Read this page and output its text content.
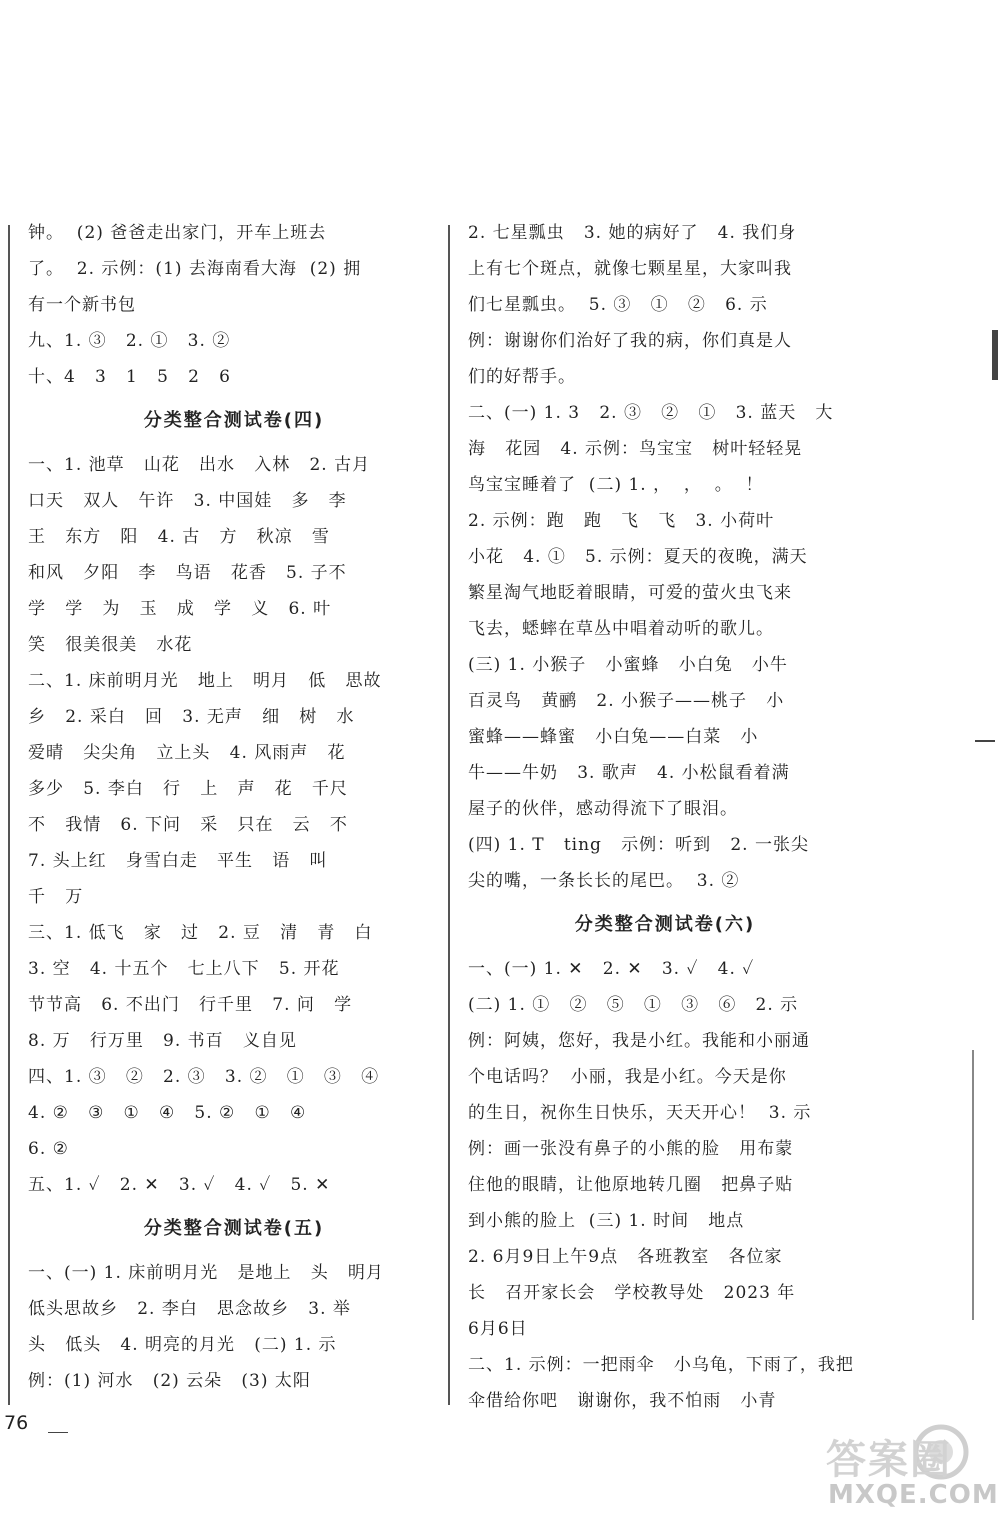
钟。  (2) 爸爸走出家门，开车上班去
了。  2. 示例：(1) 去海南看大海  (2) 拥
有一个新书包
九、1. ③   2. ①   3. ②
十、4   3   1   5   2   6
分类整合测试卷(四)
一、1. 池草   山花   出水   入林   2. 古月
口天   双人   午许   3. 中国娃   多   李
王   东方   阳   4. 古   方   秋凉   雪
和风   夕阳   李   鸟语   花香   5. 子不
学   学   为   玉   成   学   义   6. 叶
笑   很美很美   水花
二、1. 床前明月光   地上   明月   低   思故
乡   2. 采白   回   3. 无声   细   树   水
爱晴   尖尖角   立上头   4. 风雨声   花
多少   5. 李白   行   上   声   花   千尺
不   我情   6. 下问   采   只在   云   不
7. 头上红   身雪白走   平生   语   叫
千   万
三、1. 低飞   家   过   2. 豆   清   青   白
3. 空   4. 十五个   七上八下   5. 开花
节节高   6. 不出门   行千里   7. 问   学
8. 万   行万里   9. 书百   义自见
四、1. ③   ②   2. ③   3. ②   ①   ③   ④
4. ②   ③   ①   ④   5. ②   ①   ④
6. ②
五、1. ✓   2. ✕   3. ✓   4. ✓   5. ✕
分类整合测试卷(五)
一、(一) 1. 床前明月光   是地上   头   明月
低头思故乡   2. 李白   思念故乡   3. 举
头   低头   4. 明亮的月光   (二) 1. 示
例：(1) 河水   (2) 云朵   (3) 太阳
2. 七星瓢虫   3. 她的病好了   4. 我们身
上有七个斑点，就像七颗星星，大家叫我
们七星瓢虫。  5. ③   ①   ②   6. 示
例：谢谢你们治好了我的病，你们真是人
们的好帮手。
二、(一) 1. 3   2. ③   ②   ①   3. 蓝天   大
海   花园   4. 示例：鸟宝宝   树叶轻轻晃
鸟宝宝睡着了  (二) 1. ，  ，  。  ！
2. 示例：跑   跑   飞   飞   3. 小荷叶
小花   4. ①   5. 示例：夏天的夜晚，满天
繁星淘气地眨着眼睛，可爱的萤火虫飞来
飞去，蟋蟀在草丛中唱着动听的歌儿。
(三) 1. 小猴子   小蜜蜂   小白兔   小牛
百灵鸟   黄鹂   2. 小猴子——桃子   小
蜜蜂——蜂蜜   小白兔——白菜   小
牛——牛奶   3. 歌声   4. 小松鼠看着满
屋子的伙伴，感动得流下了眼泪。
(四) 1. T   ting   示例：听到   2. 一张尖
尖的嘴，一条长长的尾巴。  3. ②
分类整合测试卷(六)
一、(一) 1. ✕   2. ✕   3. ✓   4. ✓
(二) 1. ①   ②   ⑤   ①   ③   ⑥   2. 示
例：阿姨，您好，我是小红。我能和小丽通
个电话吗？  小丽，我是小红。今天是你
的生日，祝你生日快乐，天天开心！  3. 示
例：画一张没有鼻子的小熊的脸   用布蒙
住他的眼睛，让他原地转几圈   把鼻子贴
到小熊的脸上  (三) 1. 时间   地点
2. 6月9日上午9点   各班教室   各位家
长   召开家长会   学校教导处   2023 年
6月6日
二、1. 示例：一把雨伞   小乌龟，下雨了，我把
伞借给你吧   谢谢你，我不怕雨   小青
76
答案圈
MXQE.COM
